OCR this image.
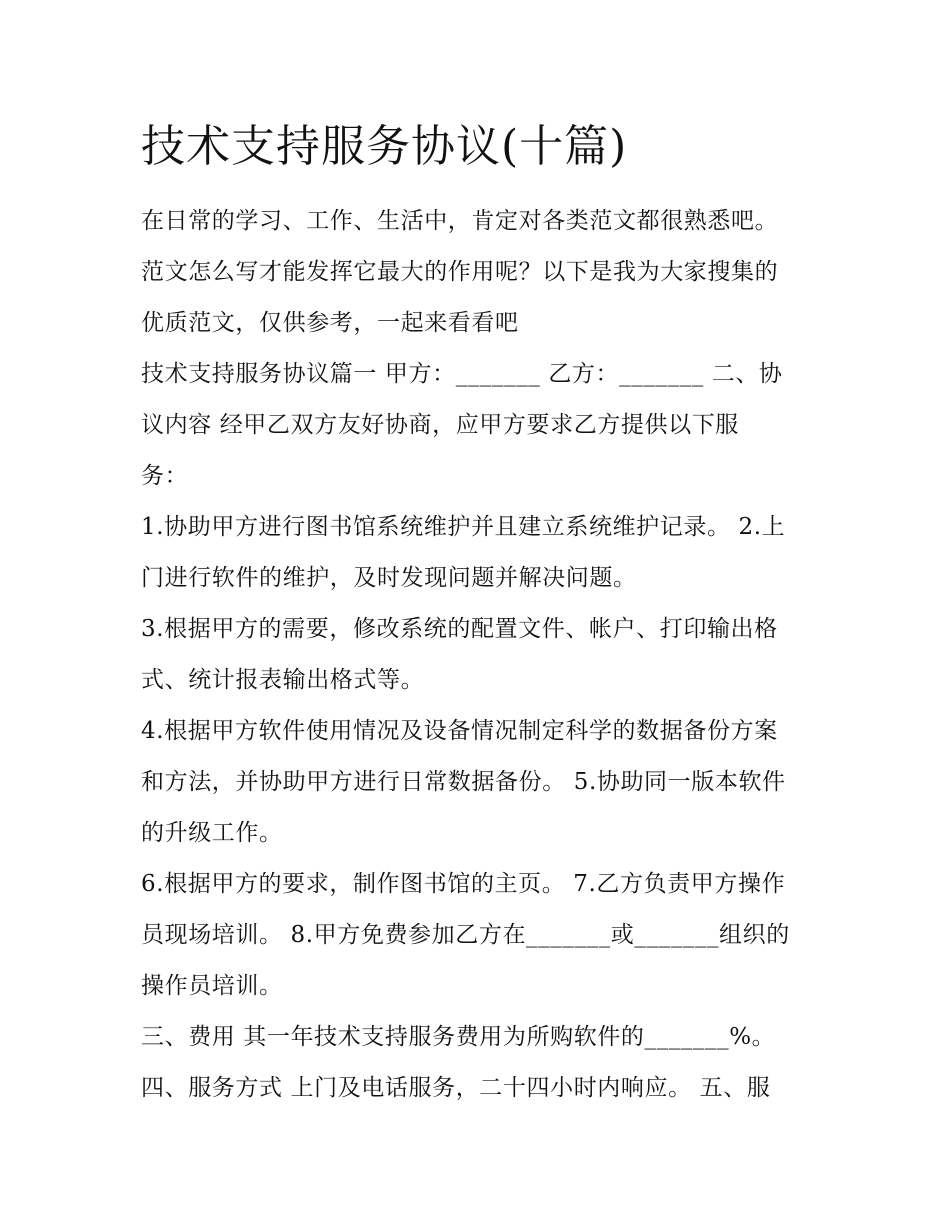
技术支持服务协议(十篇)
在日常的学习、工作、生活中，肯定对各类范文都很熟悉吧。
范文怎么写才能发挥它最大的作用呢？以下是我为大家搜集的
优质范文，仅供参考，一起来看看吧
技术支持服务协议篇一 甲方：_______ 乙方：_______ 二、协
议内容 经甲乙双方友好协商，应甲方要求乙方提供以下服
务：
1.协助甲方进行图书馆系统维护并且建立系统维护记录。 2.上
门进行软件的维护，及时发现问题并解决问题。
3.根据甲方的需要，修改系统的配置文件、帐户、打印输出格
式、统计报表输出格式等。
4.根据甲方软件使用情况及设备情况制定科学的数据备份方案
和方法，并协助甲方进行日常数据备份。 5.协助同一版本软件
的升级工作。
6.根据甲方的要求，制作图书馆的主页。 7.乙方负责甲方操作
员现场培训。 8.甲方免费参加乙方在_______或_______组织的
操作员培训。
三、费用 其一年技术支持服务费用为所购软件的_______%。
四、服务方式 上门及电话服务，二十四小时内响应。 五、服
